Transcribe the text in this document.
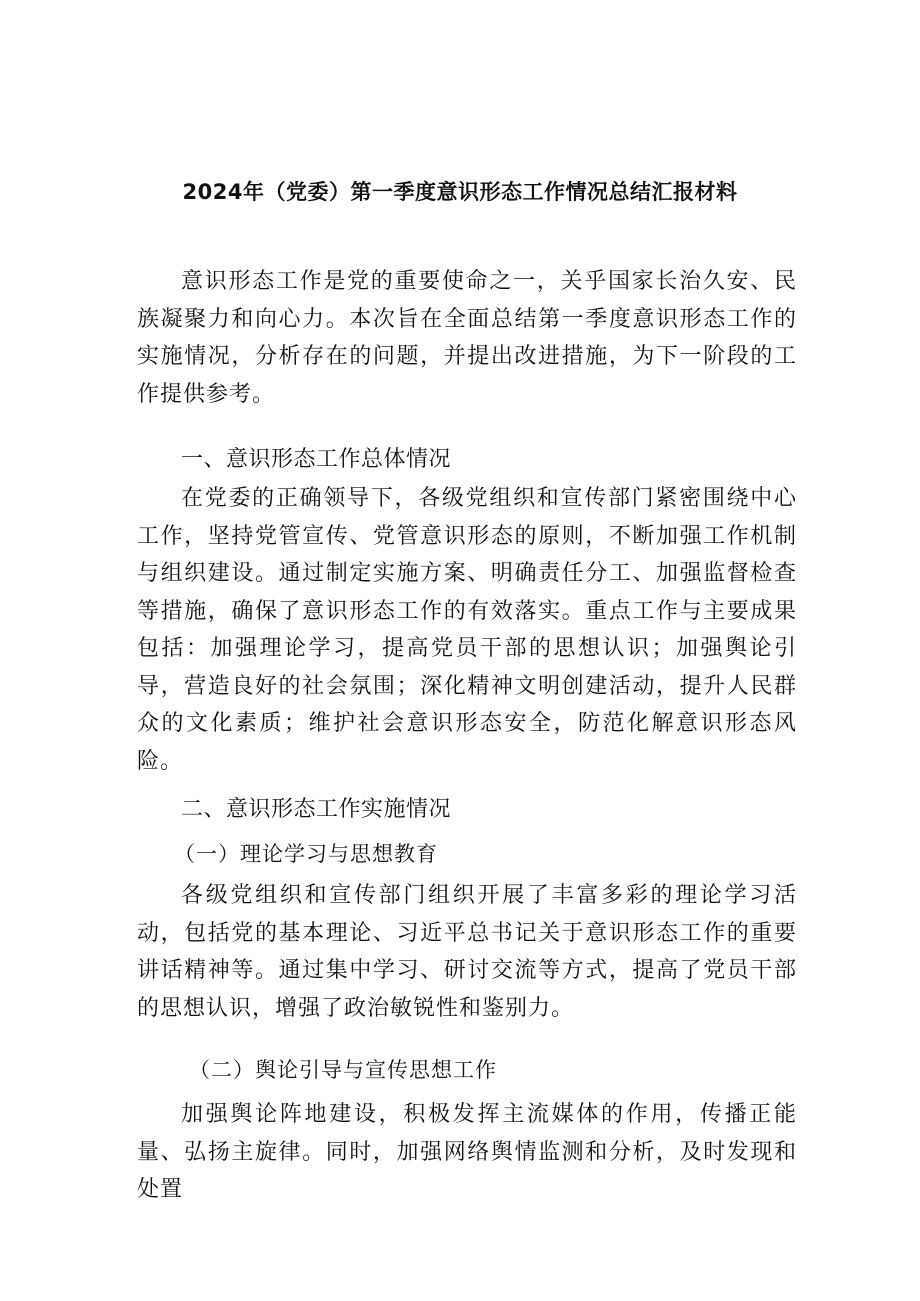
2024年（党委）第一季度意识形态工作情况总结汇报材料
意识形态工作是党的重要使命之一，关乎国家长治久安、民族凝聚力和向心力。本次旨在全面总结第一季度意识形态工作的实施情况，分析存在的问题，并提出改进措施，为下一阶段的工作提供参考。
一、意识形态工作总体情况
在党委的正确领导下，各级党组织和宣传部门紧密围绕中心工作，坚持党管宣传、党管意识形态的原则，不断加强工作机制与组织建设。通过制定实施方案、明确责任分工、加强监督检查等措施，确保了意识形态工作的有效落实。重点工作与主要成果包括：加强理论学习，提高党员干部的思想认识；加强舆论引导，营造良好的社会氛围；深化精神文明创建活动，提升人民群众的文化素质；维护社会意识形态安全，防范化解意识形态风险。
二、意识形态工作实施情况
（一）理论学习与思想教育
各级党组织和宣传部门组织开展了丰富多彩的理论学习活动，包括党的基本理论、习近平总书记关于意识形态工作的重要讲话精神等。通过集中学习、研讨交流等方式，提高了党员干部的思想认识，增强了政治敏锐性和鉴别力。
（二）舆论引导与宣传思想工作
加强舆论阵地建设，积极发挥主流媒体的作用，传播正能量、弘扬主旋律。同时，加强网络舆情监测和分析，及时发现和处置
